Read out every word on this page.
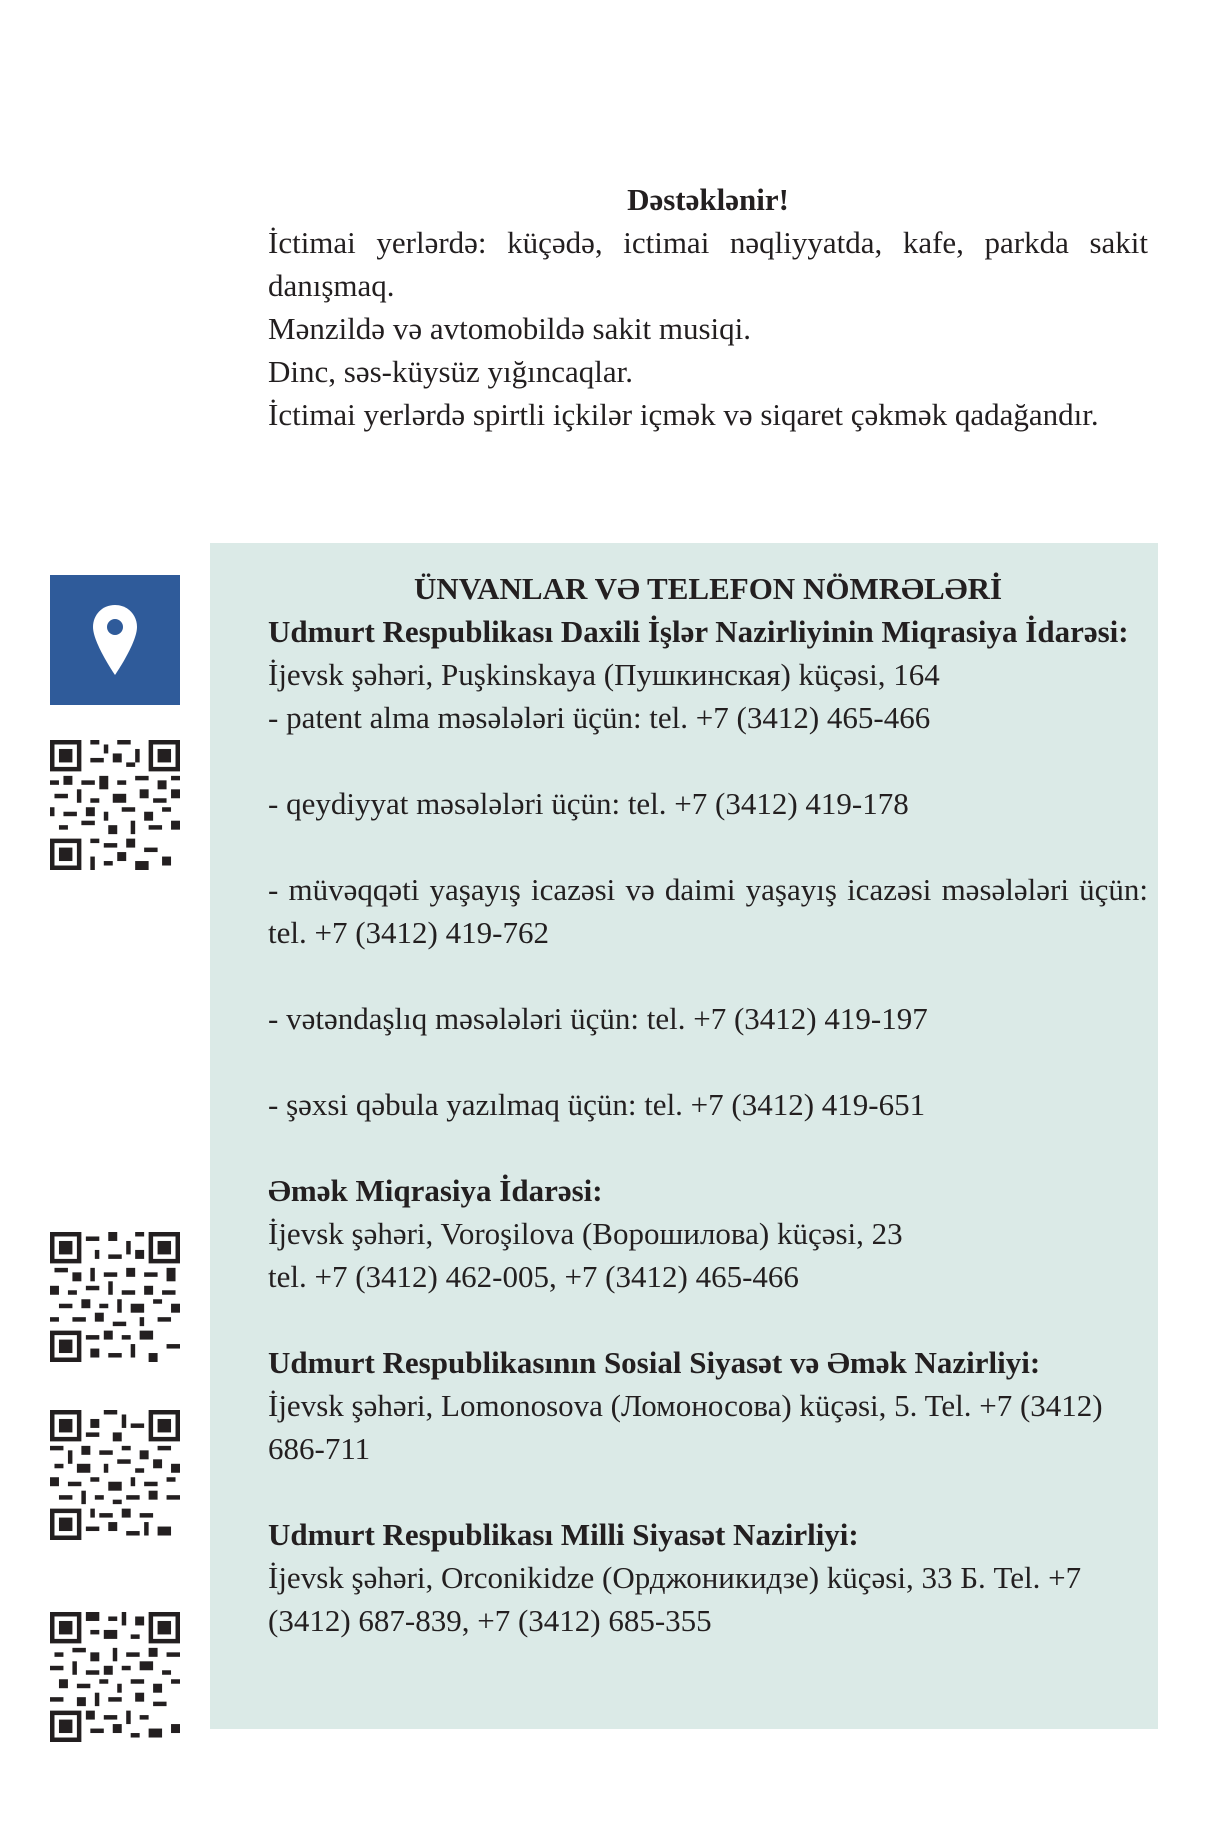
Dəstəklənir!

İctimai yerlərdə: küçədə, ictimai nəqliyyatda, kafe, parkda sakit danışmaq.

Mənzildə və avtomobildə sakit musiqi.

Dinc, səs-küysüz yığıncaqlar.

İctimai yerlərdə spirtli içkilər içmək və siqaret çəkmək qadağandır.

ÜNVANLAR VƏ TELEFON NÖMRƏLƏRİ

Udmurt Respublikası Daxili İşlər Nazirliyinin Miqrasiya İdarəsi:

İjevsk şəhəri, Puşkinskaya (Пушкинская) küçəsi, 164

- patent alma məsələləri üçün: tel. +7 (3412) 465-466

- qeydiyyat məsələləri üçün: tel. +7 (3412) 419-178

- müvəqqəti yaşayış icazəsi və daimi yaşayış icazəsi məsələləri üçün: tel. +7 (3412) 419-762

- vətəndaşlıq məsələləri üçün: tel. +7 (3412) 419-197

- şəxsi qəbula yazılmaq üçün: tel. +7 (3412) 419-651

Əmək Miqrasiya İdarəsi:

İjevsk şəhəri, Voroşilova (Ворошилова) küçəsi, 23

tel. +7 (3412) 462-005, +7 (3412) 465-466

Udmurt Respublikasının Sosial Siyasət və Əmək Nazirliyi:

İjevsk şəhəri, Lomonosova (Ломоносова) küçəsi, 5. Tel. +7 (3412) 686-711

Udmurt Respublikası Milli Siyasət Nazirliyi:

İjevsk şəhəri, Orconikidze (Орджоникидзе) küçəsi, 33 Б. Tel. +7 (3412) 687-839, +7 (3412) 685-355
